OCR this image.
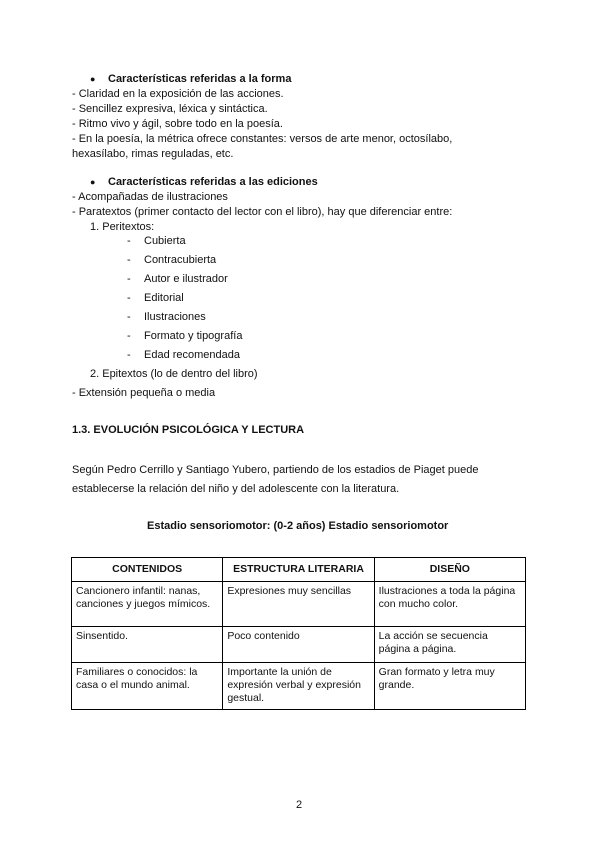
● Características referidas a la forma
- Claridad en la exposición de las acciones.
- Sencillez expresiva, léxica y sintáctica.
- Ritmo vivo y ágil, sobre todo en la poesía.
- En la poesía, la métrica ofrece constantes: versos de arte menor, octosílabo,
hexasílabo, rimas reguladas, etc.
● Características referidas a las ediciones
- Acompañadas de ilustraciones
- Paratextos (primer contacto del lector con el libro), hay que diferenciar entre:
1. Peritextos:
- Cubierta
- Contracubierta
- Autor e ilustrador
- Editorial
- Ilustraciones
- Formato y tipografía
- Edad recomendada
2. Epitextos (lo de dentro del libro)
- Extensión pequeña o media
1.3. EVOLUCIÓN PSICOLÓGICA Y LECTURA
Según Pedro Cerrillo y Santiago Yubero, partiendo de los estadios de Piaget puede
establecerse la relación del niño y del adolescente con la literatura.
Estadio sensoriomotor: (0-2 años) Estadio sensoriomotor
CONTENIDOS	ESTRUCTURA LITERARIA	DISEÑO
Cancionero infantil: nanas, canciones y juegos mímicos.	Expresiones muy sencillas	Ilustraciones a toda la página con mucho color.
Sinsentido.	Poco contenido	La acción se secuencia página a página.
Familiares o conocidos: la casa o el mundo animal.	Importante la unión de expresión verbal y expresión gestual.	Gran formato y letra muy grande.
2
